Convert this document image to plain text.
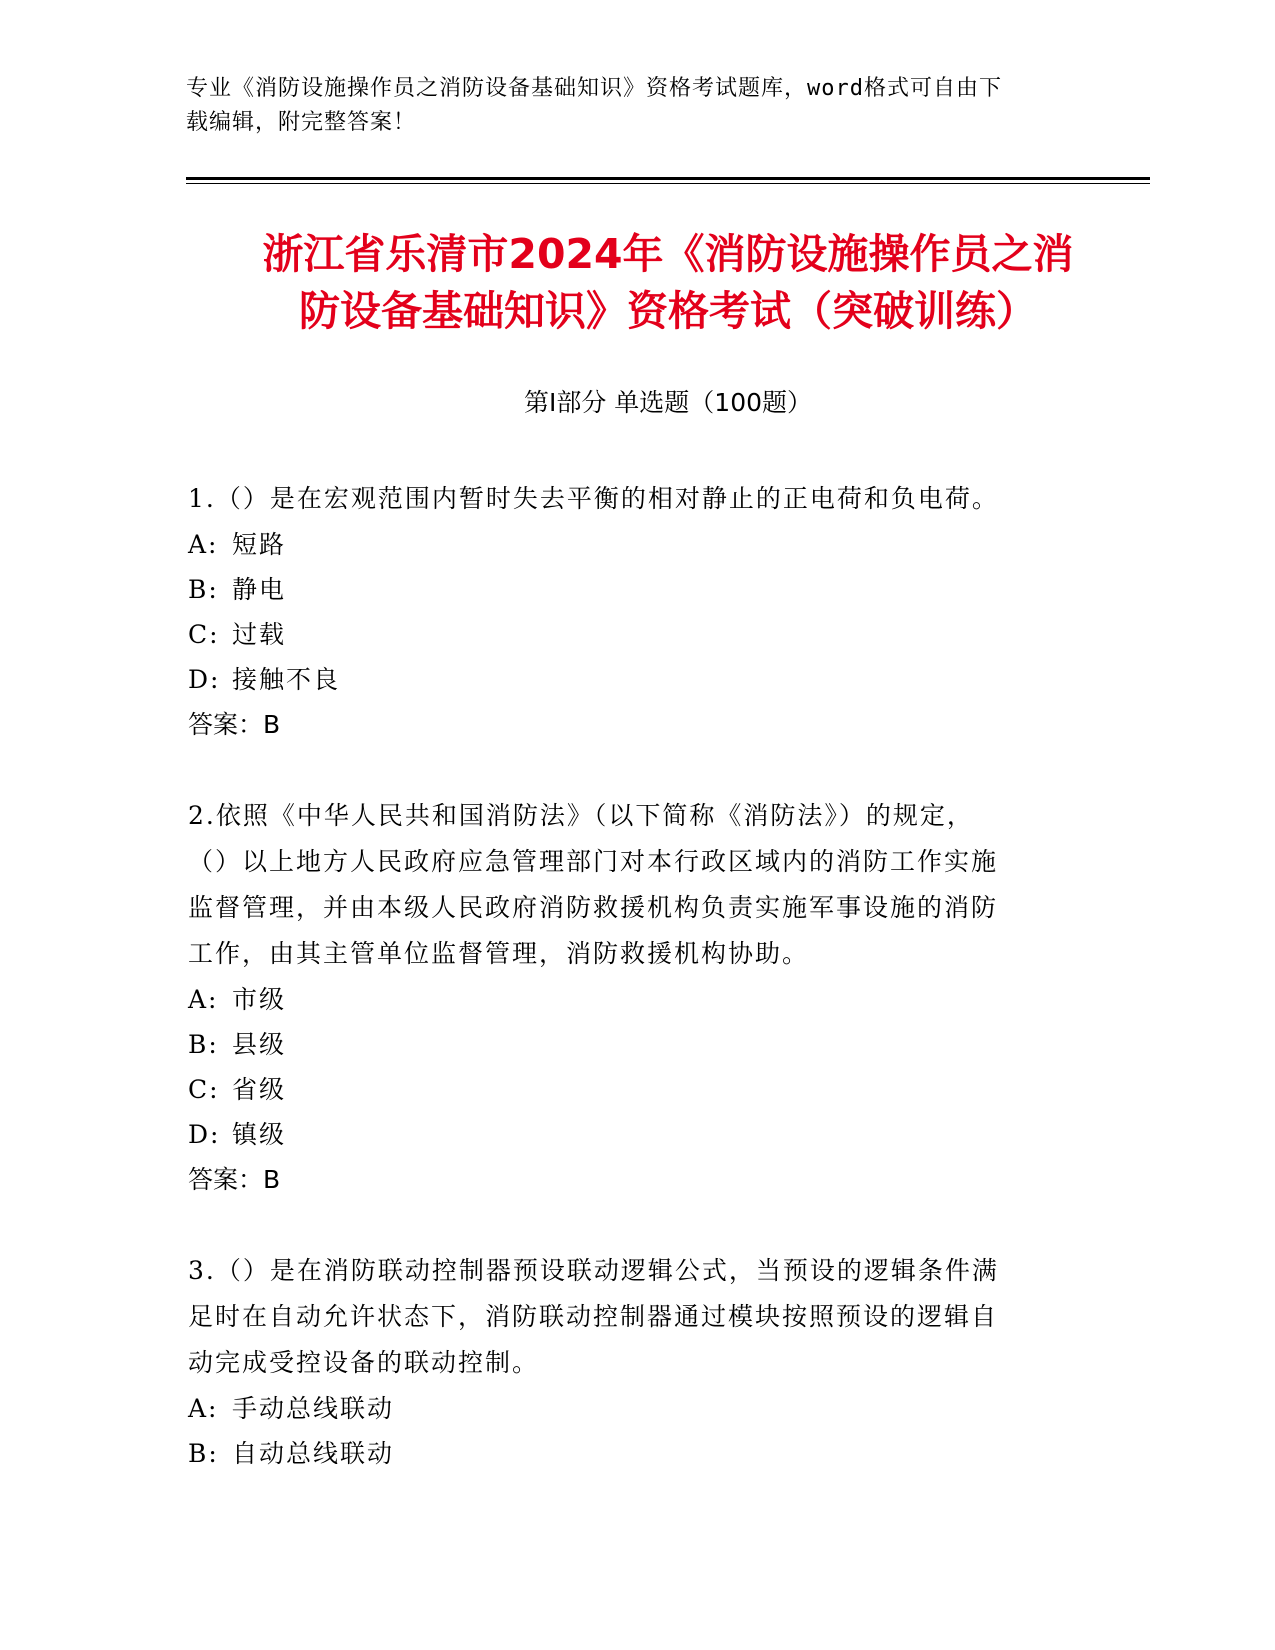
专业《消防设施操作员之消防设备基础知识》资格考试题库，word格式可自由下
载编辑，附完整答案！
浙江省乐清市2024年《消防设施操作员之消
防设备基础知识》资格考试（突破训练）
第Ⅰ部分 单选题（100题）
1.（）是在宏观范围内暂时失去平衡的相对静止的正电荷和负电荷。
A: 短路
B: 静电
C: 过载
D: 接触不良
答案：B
2.依照《中华人民共和国消防法》（以下简称《消防法》）的规定，
（）以上地方人民政府应急管理部门对本行政区域内的消防工作实施
监督管理，并由本级人民政府消防救援机构负责实施军事设施的消防
工作，由其主管单位监督管理，消防救援机构协助。
A: 市级
B: 县级
C: 省级
D: 镇级
答案：B
3.（）是在消防联动控制器预设联动逻辑公式，当预设的逻辑条件满
足时在自动允许状态下，消防联动控制器通过模块按照预设的逻辑自
动完成受控设备的联动控制。
A: 手动总线联动
B: 自动总线联动
